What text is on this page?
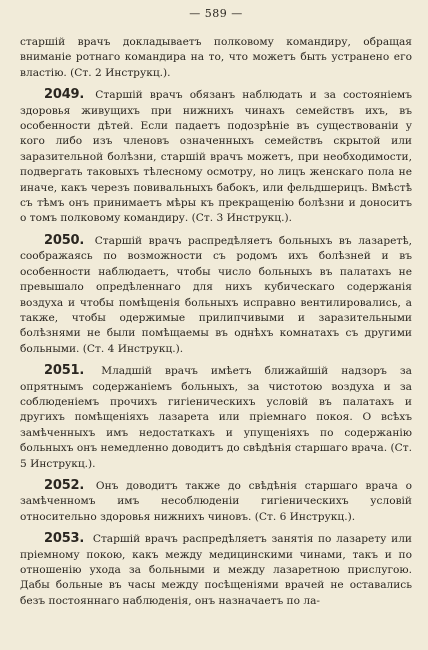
— 589 —

старшiй врачъ докладываетъ полковому командиру, обращая вниманiе ротнаго командира на то, что можетъ быть устранено его властiю. (Ст. 2 Инструкц.).

2049. Старшiй врачъ обязанъ наблюдать и за состоянiемъ здоровья живущихъ при нижнихъ чинахъ семействъ ихъ, въ особенности дѣтей. Если падаетъ подозрѣнiе въ существованiи у кого либо изъ членовъ означенныхъ семействъ скрытой или заразительной болѣзни, старшiй врачъ можетъ, при необходимости, подвергать таковыхъ тѣлесному осмотру, но лицъ женскаго пола не иначе, какъ черезъ повивальныхъ бабокъ, или фельдшерицъ. Вмѣстѣ съ тѣмъ онъ принимаетъ мѣры къ прекращенiю болѣзни и доноситъ о томъ полковому командиру. (Ст. 3 Инструкц.).

2050. Старшiй врачъ распредѣляетъ больныхъ въ лазаретѣ, соображаясь по возможности съ родомъ ихъ болѣзней и въ особенности наблюдаетъ, чтобы число больныхъ въ палатахъ не превышало опредѣленнаго для нихъ кубическаго содержанiя воздуха и чтобы помѣщенiя больныхъ исправно вентилировались, а также, чтобы одержимые прилипчивыми и заразительными болѣзнями не были помѣщаемы въ однѣхъ комнатахъ съ другими больными. (Ст. 4 Инструкц.).

2051. Младшiй врачъ имѣетъ ближайшiй надзоръ за опрятнымъ содержанiемъ больныхъ, за чистотою воздуха и за соблюденiемъ прочихъ гигiеническихъ условiй въ палатахъ и другихъ помѣщенiяхъ лазарета или прiемнаго покоя. О всѣхъ замѣченныхъ имъ недостаткахъ и упущенiяхъ по содержанiю больныхъ онъ немедленно доводитъ до свѣдѣнiя старшаго врача. (Ст. 5 Инструкц.).

2052. Онъ доводитъ также до свѣдѣнiя старшаго врача о замѣченномъ имъ несоблюденiи гигiеническихъ условiй относительно здоровья нижнихъ чиновъ. (Ст. 6 Инструкц.).

2053. Старшiй врачъ распредѣляетъ занятiя по лазарету или прiемному покою, какъ между медицинскими чинами, такъ и по отношенiю ухода за больными и между лазаретною прислугою. Дабы больные въ часы между посѣщенiями врачей не оставались безъ постояннаго наблюденiя, онъ назначаетъ по ла-
